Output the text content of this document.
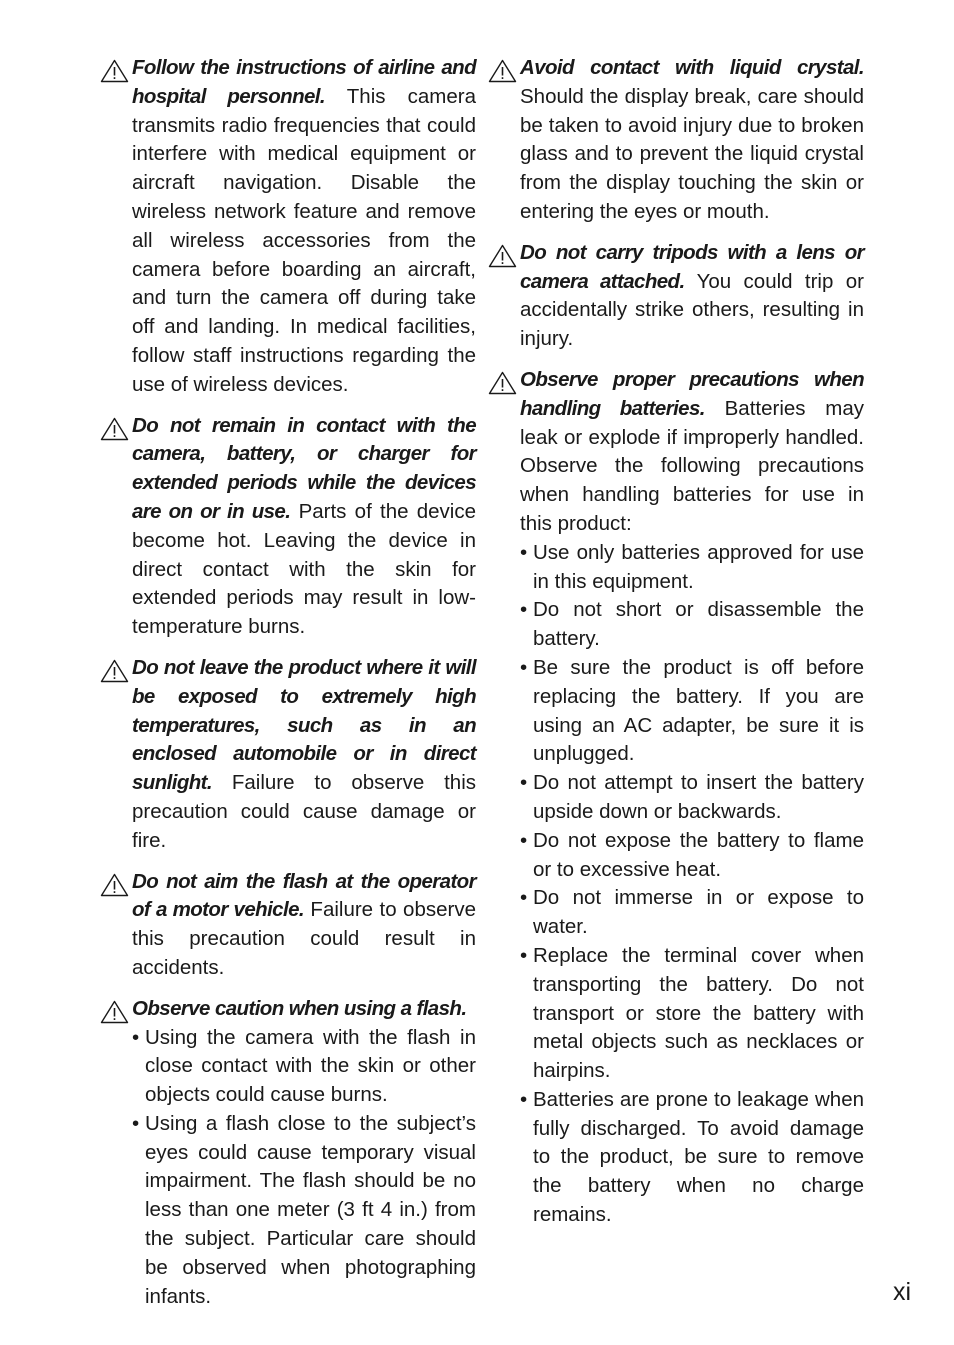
Follow the instructions of airline and hospital personnel. This camera transmits radio frequencies that could interfere with medical equipment or aircraft navigation. Disable the wireless network feature and remove all wireless accessories from the camera before boarding an aircraft, and turn the camera off during take off and landing. In medical facilities, follow staff instructions regarding the use of wireless devices.
Do not remain in contact with the camera, battery, or charger for extended periods while the devices are on or in use. Parts of the device become hot. Leaving the device in direct contact with the skin for extended periods may result in low-temperature burns.
Do not leave the product where it will be exposed to extremely high temperatures, such as in an enclosed automobile or in direct sunlight. Failure to observe this precaution could cause damage or fire.
Do not aim the flash at the operator of a motor vehicle. Failure to observe this precaution could result in accidents.
Observe caution when using a flash.
• Using the camera with the flash in close contact with the skin or other objects could cause burns.
• Using a flash close to the subject’s eyes could cause temporary visual impairment. The flash should be no less than one meter (3 ft 4 in.) from the subject. Particular care should be observed when photographing infants.
Avoid contact with liquid crystal. Should the display break, care should be taken to avoid injury due to broken glass and to prevent the liquid crystal from the display touching the skin or entering the eyes or mouth.
Do not carry tripods with a lens or camera attached. You could trip or accidentally strike others, resulting in injury.
Observe proper precautions when handling batteries. Batteries may leak or explode if improperly handled. Observe the following precautions when handling batteries for use in this product:
• Use only batteries approved for use in this equipment.
• Do not short or disassemble the battery.
• Be sure the product is off before replacing the battery. If you are using an AC adapter, be sure it is unplugged.
• Do not attempt to insert the battery upside down or backwards.
• Do not expose the battery to flame or to excessive heat.
• Do not immerse in or expose to water.
• Replace the terminal cover when transporting the battery. Do not transport or store the battery with metal objects such as necklaces or hairpins.
• Batteries are prone to leakage when fully discharged. To avoid damage to the product, be sure to remove the battery when no charge remains.
xi
